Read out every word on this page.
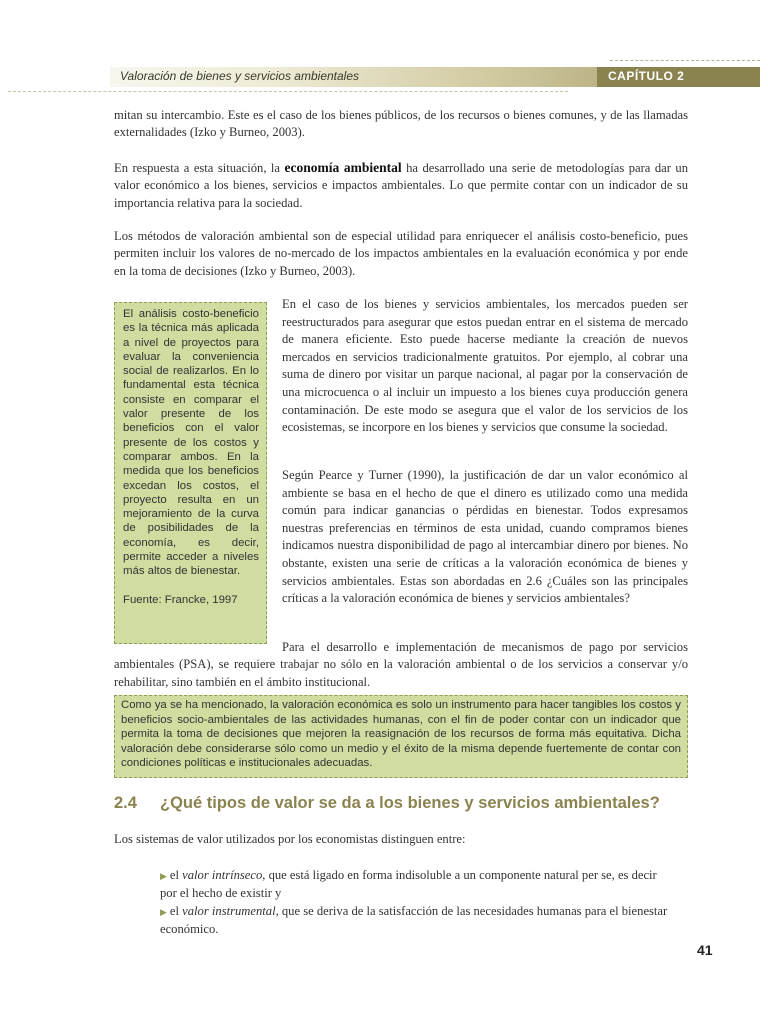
Valoración de bienes y servicios ambientales	CAPÍTULO 2
mitan su intercambio. Este es el caso de los bienes públicos, de los recursos o bienes comunes, y de las llamadas externalidades (Izko y Burneo, 2003).
En respuesta a esta situación, la economía ambiental ha desarrollado una serie de metodologías para dar un valor económico a los bienes, servicios e impactos ambientales. Lo que permite contar con un indicador de su importancia relativa para la sociedad.
Los métodos de valoración ambiental son de especial utilidad para enriquecer el análisis costo-beneficio, pues permiten incluir los valores de no-mercado de los impactos ambientales en la evaluación económica y por ende en la toma de decisiones (Izko y Burneo, 2003).

El análisis costo-beneficio es la técnica más aplicada a nivel de proyectos para evaluar la conveniencia social de realizarlos. En lo fundamental esta técnica consiste en comparar el valor presente de los beneficios con el valor presente de los costos y comparar ambos. En la medida que los beneficios excedan los costos, el proyecto resulta en un mejoramiento de la curva de posibilidades de la economía, es decir, permite acceder a niveles más altos de bienestar.

Fuente: Francke, 1997

En el caso de los bienes y servicios ambientales, los mercados pueden ser reestructurados para asegurar que estos puedan entrar en el sistema de mercado de manera eficiente. Esto puede hacerse mediante la creación de nuevos mercados en servicios tradicionalmente gratuitos. Por ejemplo, al cobrar una suma de dinero por visitar un parque nacional, al pagar por la conservación de una microcuenca o al incluir un impuesto a los bienes cuya producción genera contaminación. De este modo se asegura que el valor de los servicios de los ecosistemas, se incorpore en los bienes y servicios que consume la sociedad.
Según Pearce y Turner (1990), la justificación de dar un valor económico al ambiente se basa en el hecho de que el dinero es utilizado como una medida común para indicar ganancias o pérdidas en bienestar. Todos expresamos nuestras preferencias en términos de esta unidad, cuando compramos bienes indicamos nuestra disponibilidad de pago al intercambiar dinero por bienes. No obstante, existen una serie de críticas a la valoración económica de bienes y servicios ambientales. Estas son abordadas en 2.6 ¿Cuáles son las principales críticas a la valoración económica de bienes y servicios ambientales?
Para el desarrollo e implementación de mecanismos de pago por servicios ambientales (PSA), se requiere trabajar no sólo en la valoración ambiental o de los servicios a conservar y/o rehabilitar, sino también en el ámbito institucional.
Como ya se ha mencionado, la valoración económica es solo un instrumento para hacer tangibles los costos y beneficios socio-ambientales de las actividades humanas, con el fin de poder contar con un indicador que permita la toma de decisiones que mejoren la reasignación de los recursos de forma más equitativa. Dicha valoración debe considerarse sólo como un medio y el éxito de la misma depende fuertemente de contar con condiciones políticas e institucionales adecuadas.
2.4 ¿Qué tipos de valor se da a los bienes y servicios ambientales?
Los sistemas de valor utilizados por los economistas distinguen entre:
▶ el valor intrínseco, que está ligado en forma indisoluble a un componente natural per se, es decir por el hecho de existir y
▶ el valor instrumental, que se deriva de la satisfacción de las necesidades humanas para el bienestar económico.
41
